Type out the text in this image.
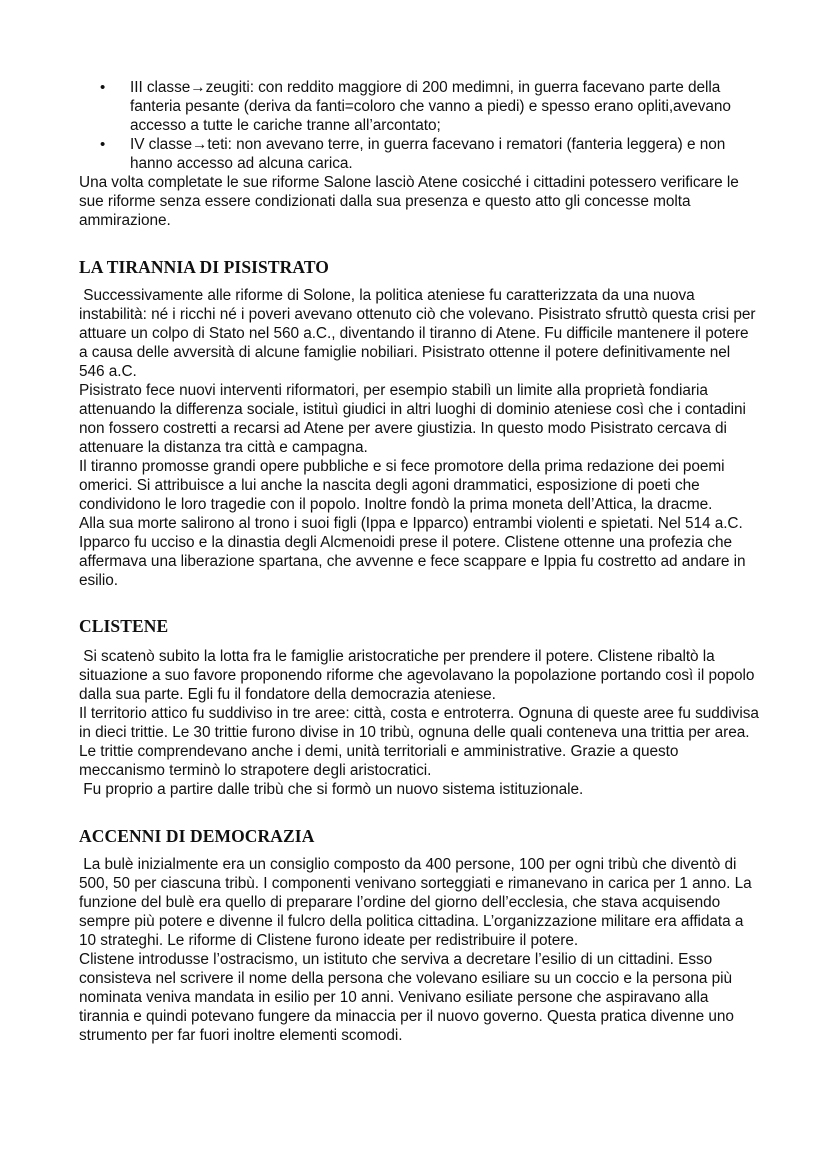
• III classe→zeugiti: con reddito maggiore di 200 medimni, in guerra facevano parte della fanteria pesante (deriva da fanti=coloro che vanno a piedi) e spesso erano opliti,avevano accesso a tutte le cariche tranne all’arcontato;
• IV classe→teti: non avevano terre, in guerra facevano i rematori (fanteria leggera) e non hanno accesso ad alcuna carica.

Una volta completate le sue riforme Salone lasciò Atene cosicché i cittadini potessero verificare le sue riforme senza essere condizionati dalla sua presenza e questo atto gli concesse molta ammirazione.

LA TIRANNIA DI PISISTRATO

Successivamente alle riforme di Solone, la politica ateniese fu caratterizzata da una nuova instabilità: né i ricchi né i poveri avevano ottenuto ciò che volevano. Pisistrato sfruttò questa crisi per attuare un colpo di Stato nel 560 a.C., diventando il tiranno di Atene. Fu difficile mantenere il potere a causa delle avversità di alcune famiglie nobiliari. Pisistrato ottenne il potere definitivamente nel 546 a.C.

Pisistrato fece nuovi interventi riformatori, per esempio stabilì un limite alla proprietà fondiaria attenuando la differenza sociale, istituì giudici in altri luoghi di dominio ateniese così che i contadini non fossero costretti a recarsi ad Atene per avere giustizia. In questo modo Pisistrato cercava di attenuare la distanza tra città e campagna.

Il tiranno promosse grandi opere pubbliche e si fece promotore della prima redazione dei poemi omerici. Si attribuisce a lui anche la nascita degli agoni drammatici, esposizione di poeti che condividono le loro tragedie con il popolo. Inoltre fondò la prima moneta dell’Attica, la dracme.

Alla sua morte salirono al trono i suoi figli (Ippa e Ipparco) entrambi violenti e spietati. Nel 514 a.C. Ipparco fu ucciso e la dinastia degli Alcmenoidi prese il potere. Clistene ottenne una profezia che affermava una liberazione spartana, che avvenne e fece scappare e Ippia fu costretto ad andare in esilio.

CLISTENE

Si scatenò subito la lotta fra le famiglie aristocratiche per prendere il potere. Clistene ribaltò la situazione a suo favore proponendo riforme che agevolavano la popolazione portando così il popolo dalla sua parte. Egli fu il fondatore della democrazia ateniese.

Il territorio attico fu suddiviso in tre aree: città, costa e entroterra. Ognuna di queste aree fu suddivisa in dieci trittie. Le 30 trittie furono divise in 10 tribù, ognuna delle quali conteneva una trittia per area. Le trittie comprendevano anche i demi, unità territoriali e amministrative. Grazie a questo meccanismo terminò lo strapotere degli aristocratici.

Fu proprio a partire dalle tribù che si formò un nuovo sistema istituzionale.

ACCENNI DI DEMOCRAZIA

La bulè inizialmente era un consiglio composto da 400 persone, 100 per ogni tribù che diventò di 500, 50 per ciascuna tribù. I componenti venivano sorteggiati e rimanevano in carica per 1 anno. La funzione del bulè era quello di preparare l’ordine del giorno dell’ecclesia, che stava acquisendo sempre più potere e divenne il fulcro della politica cittadina. L’organizzazione militare era affidata a 10 strateghi. Le riforme di Clistene furono ideate per redistribuire il potere.

Clistene introdusse l’ostracismo, un istituto che serviva a decretare l’esilio di un cittadini. Esso consisteva nel scrivere il nome della persona che volevano esiliare su un coccio e la persona più nominata veniva mandata in esilio per 10 anni. Venivano esiliate persone che aspiravano alla tirannia e quindi potevano fungere da minaccia per il nuovo governo. Questa pratica divenne uno strumento per far fuori inoltre elementi scomodi.
